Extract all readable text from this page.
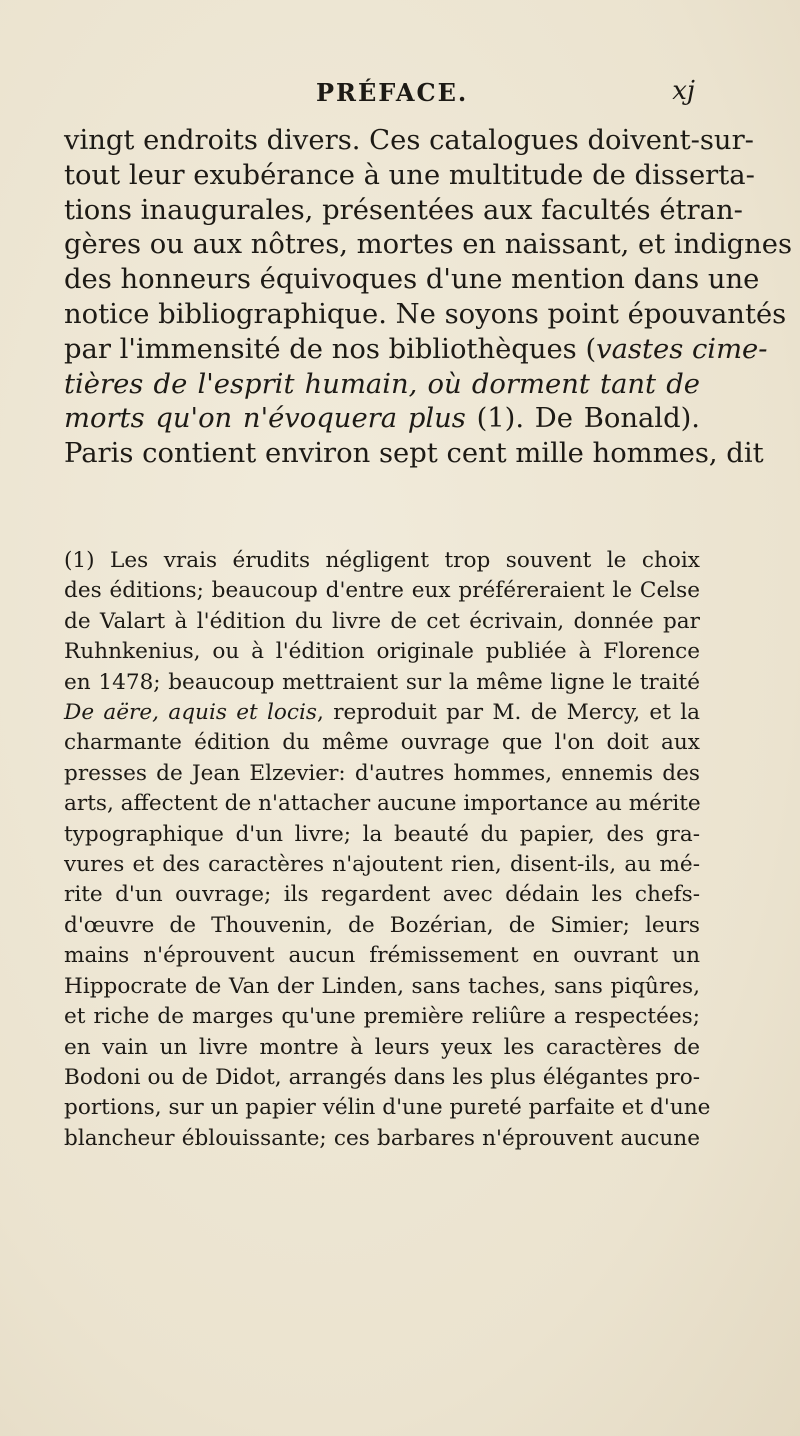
PRÉFACE.	xj
vingt endroits divers. Ces catalogues doivent-sur-
tout leur exubérance à une multitude de disserta-
tions inaugurales, présentées aux facultés étran-
gères ou aux nôtres, mortes en naissant, et indignes
des honneurs équivoques d'une mention dans une
notice bibliographique. Ne soyons point épouvantés
par l'immensité de nos bibliothèques (vastes cime-
tières de l'esprit humain, où dorment tant de
morts qu'on n'évoquera plus (1). De Bonald).
Paris contient environ sept cent mille hommes, dit
(1) Les vrais érudits négligent trop souvent le choix
des éditions; beaucoup d'entre eux préféreraient le Celse
de Valart à l'édition du livre de cet écrivain, donnée par
Ruhnkenius, ou à l'édition originale publiée à Florence
en 1478; beaucoup mettraient sur la même ligne le traité
De aëre, aquis et locis, reproduit par M. de Mercy, et la
charmante édition du même ouvrage que l'on doit aux
presses de Jean Elzevier: d'autres hommes, ennemis des
arts, affectent de n'attacher aucune importance au mérite
typographique d'un livre; la beauté du papier, des gra-
vures et des caractères n'ajoutent rien, disent-ils, au mé-
rite d'un ouvrage; ils regardent avec dédain les chefs-
d'œuvre de Thouvenin, de Bozérian, de Simier; leurs
mains n'éprouvent aucun frémissement en ouvrant un
Hippocrate de Van der Linden, sans taches, sans piqûres,
et riche de marges qu'une première reliûre a respectées;
en vain un livre montre à leurs yeux les caractères de
Bodoni ou de Didot, arrangés dans les plus élégantes pro-
portions, sur un papier vélin d'une pureté parfaite et d'une
blancheur éblouissante; ces barbares n'éprouvent aucune
